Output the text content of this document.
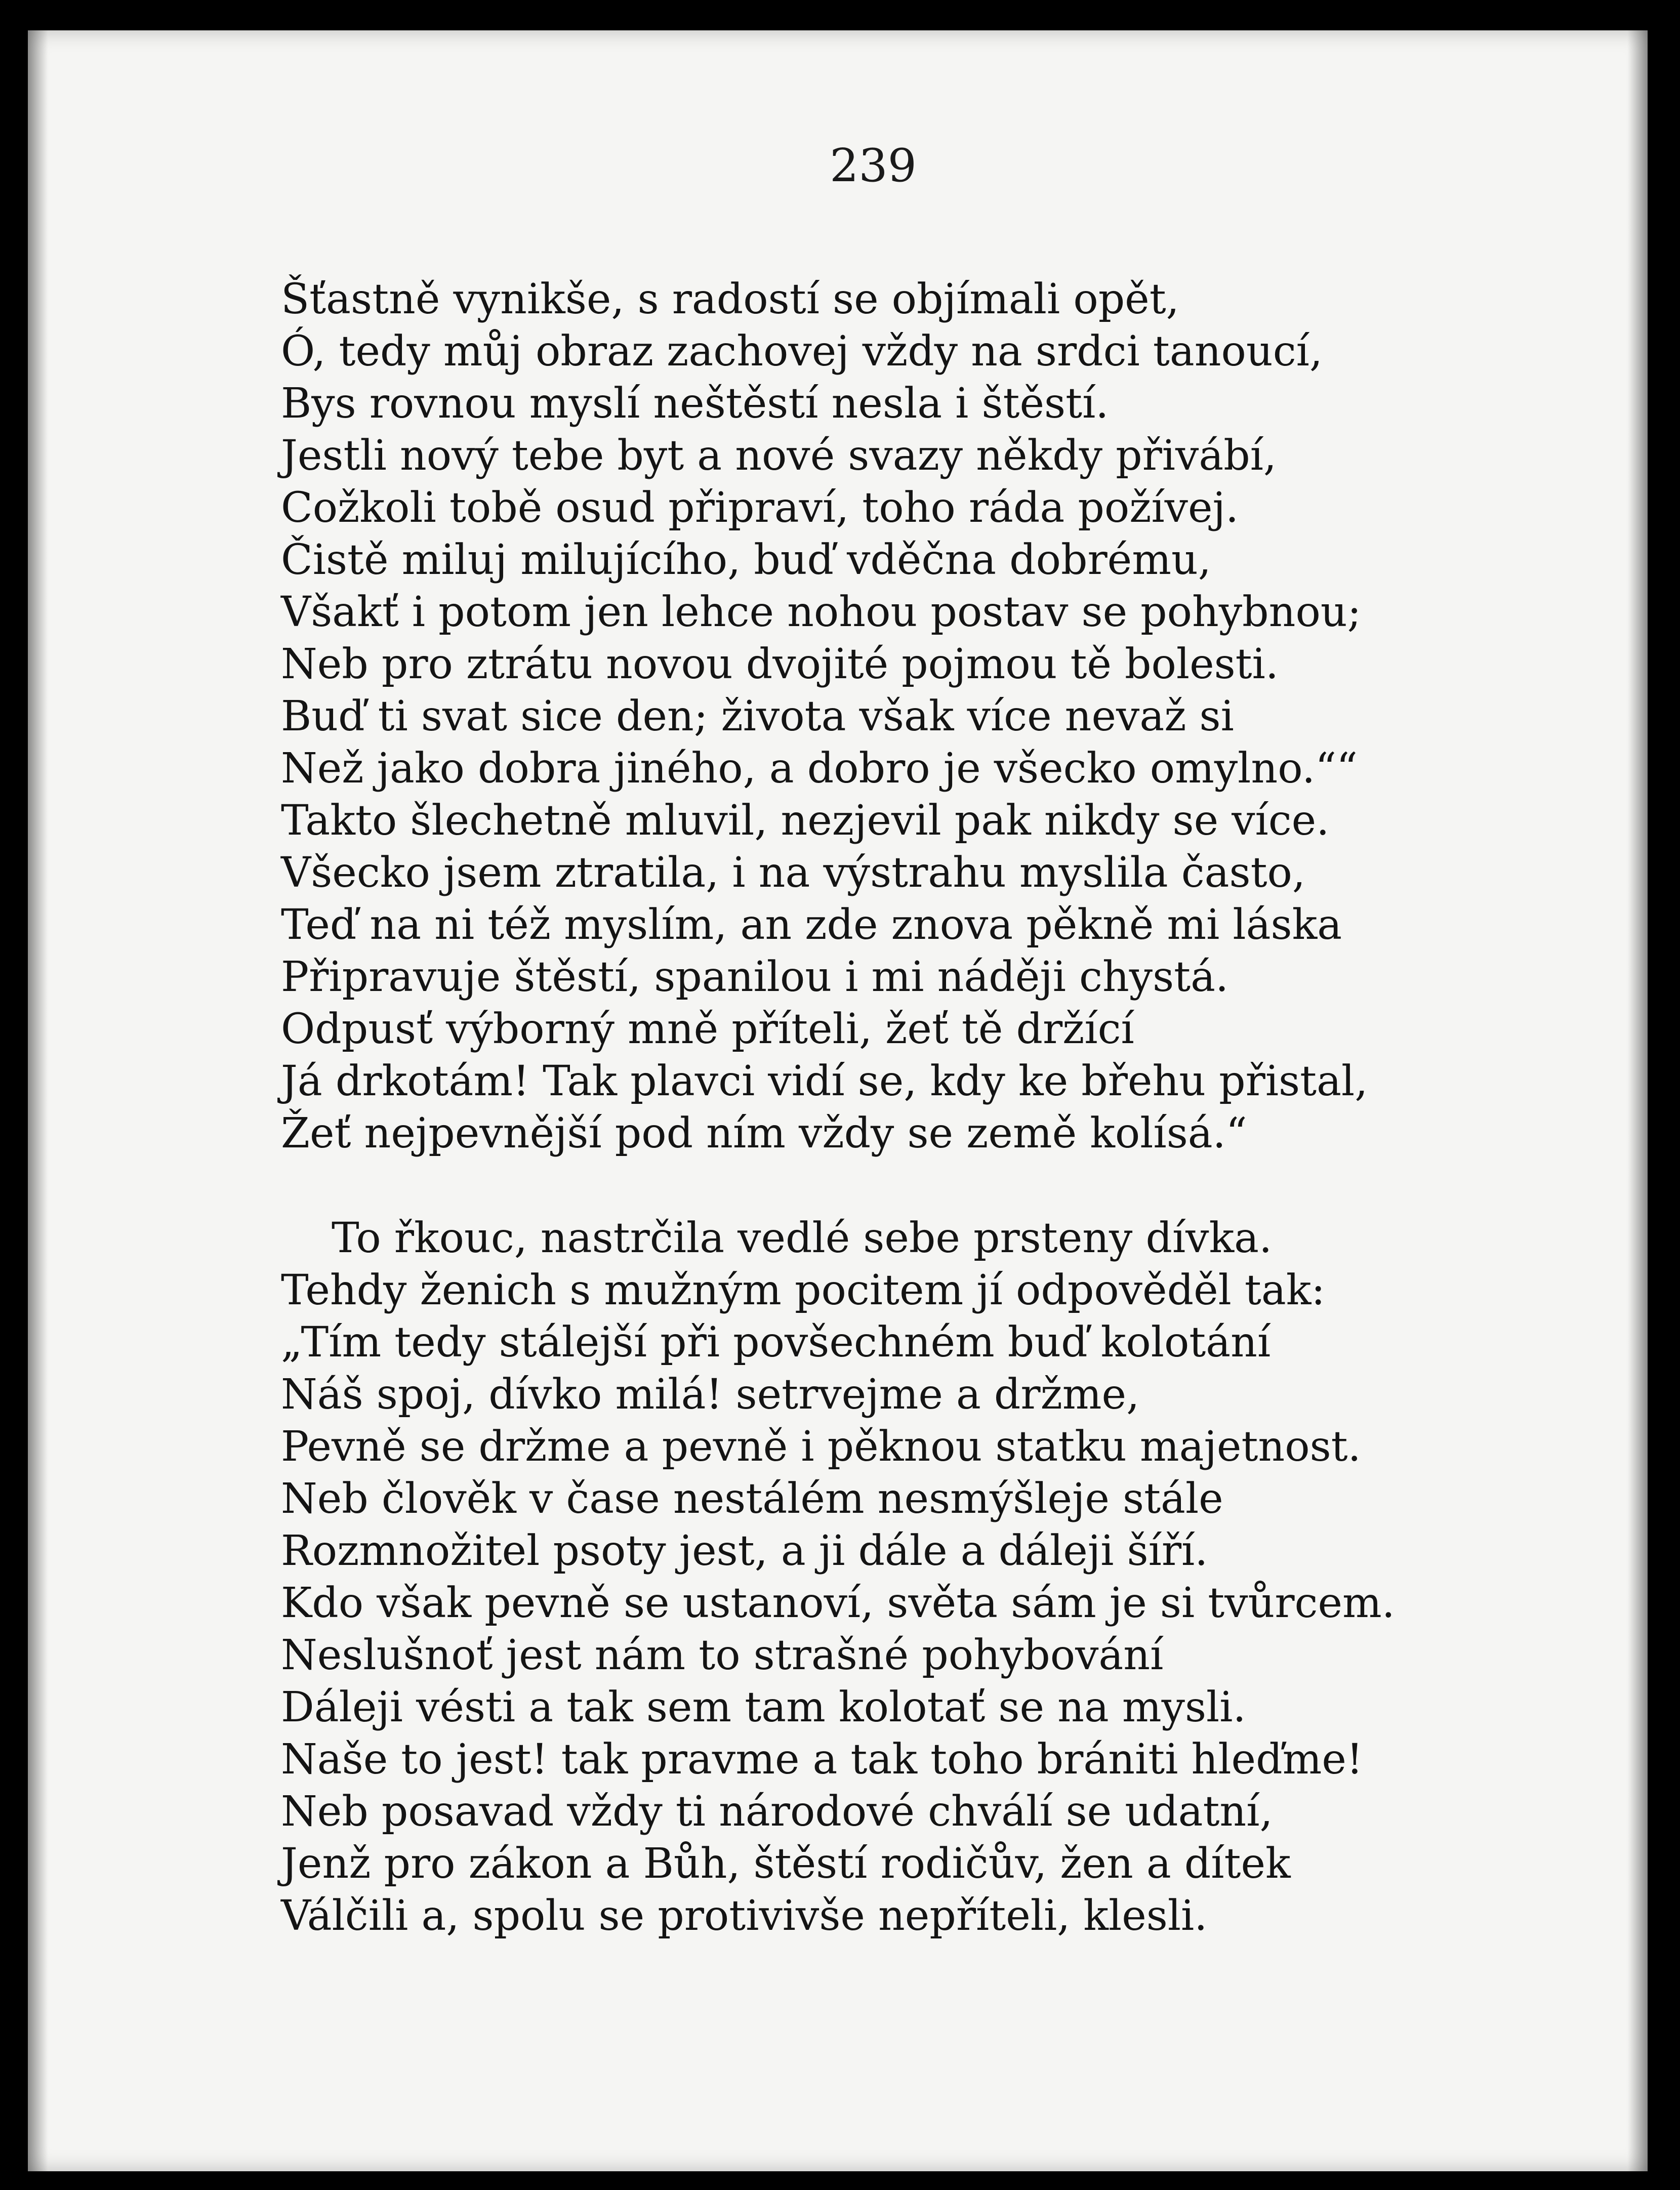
239
Šťastně vynikše, s radostí se objímali opět,
Ó, tedy můj obraz zachovej vždy na srdci tanoucí,
Bys rovnou myslí neštěstí nesla i štěstí.
Jestli nový tebe byt a nové svazy někdy přivábí,
Cožkoli tobě osud připraví, toho ráda požívej.
Čistě miluj milujícího, buď vděčna dobrému,
Všakť i potom jen lehce nohou postav se pohybnou;
Neb pro ztrátu novou dvojité pojmou tě bolesti.
Buď ti svat sice den; života však více nevaž si
Než jako dobra jiného, a dobro je všecko omylno.““
Takto šlechetně mluvil, nezjevil pak nikdy se více.
Všecko jsem ztratila, i na výstrahu myslila často,
Teď na ni též myslím, an zde znova pěkně mi láska
Připravuje štěstí, spanilou i mi náději chystá.
Odpusť výborný mně příteli, žeť tě držící
Já drkotám! Tak plavci vidí se, kdy ke břehu přistal,
Žeť nejpevnější pod ním vždy se země kolísá.“
To řkouc, nastrčila vedlé sebe prsteny dívka.
Tehdy ženich s mužným pocitem jí odpověděl tak:
„Tím tedy stálejší při povšechném buď kolotání
Náš spoj, dívko milá! setrvejme a držme,
Pevně se držme a pevně i pěknou statku majetnost.
Neb člověk v čase nestálém nesmýšleje stále
Rozmnožitel psoty jest, a ji dále a dáleji šíří.
Kdo však pevně se ustanoví, světa sám je si tvůrcem.
Neslušnoť jest nám to strašné pohybování
Dáleji vésti a tak sem tam kolotať se na mysli.
Naše to jest! tak pravme a tak toho brániti hleďme!
Neb posavad vždy ti národové chválí se udatní,
Jenž pro zákon a Bůh, štěstí rodičův, žen a dítek
Válčili a, spolu se protivivše nepříteli, klesli.
